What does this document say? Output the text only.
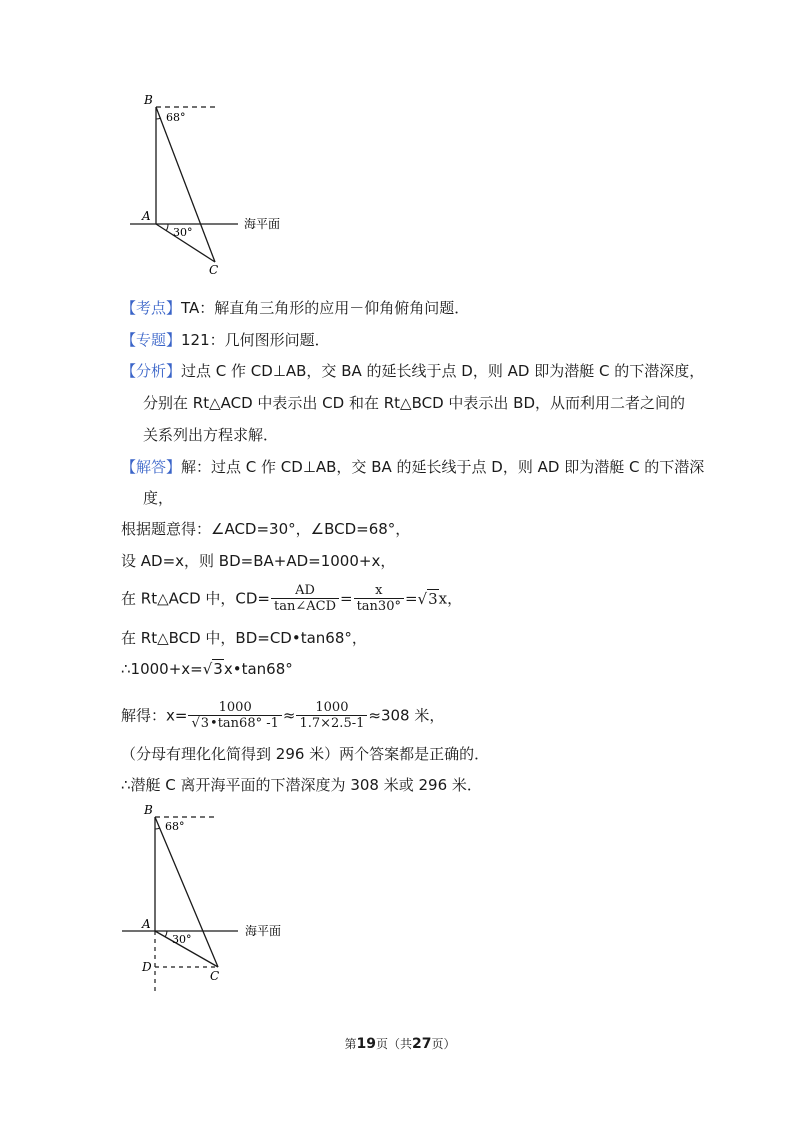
B
A
C
68°
30°
海平面
【考点】TA：解直角三角形的应用－仰角俯角问题．
【专题】121：几何图形问题．
【分析】过点 C 作 CD⊥AB，交 BA 的延长线于点 D，则 AD 即为潜艇 C 的下潜深度，
分别在 Rt△ACD 中表示出 CD 和在 Rt△BCD 中表示出 BD，从而利用二者之间的
关系列出方程求解．
【解答】解：过点 C 作 CD⊥AB，交 BA 的延长线于点 D，则 AD 即为潜艇 C 的下潜深
度，
根据题意得：∠ACD=30°，∠BCD=68°，
设 AD=x，则 BD=BA+AD=1000+x，
在 Rt△ACD 中，$CD= \frac{AD}{\text{tan∠ACD}} = \frac{x}{\tan 30^\circ} =√3x$，
在 Rt△BCD 中，BD=CD•tan68°，
∴1000+x=√3x•tan68°
解得：$x= \frac{1000}{√3•\tan 68^\circ -1} \approx \frac{1000}{1.7\times 2.5-1} \approx 308$ 米，
（分母有理化化简得到 296 米）两个答案都是正确的．
∴潜艇 C 离开海平面的下潜深度为 308 米或 296 米．
B
A
C
D
68°
30°
海平面
第19页（共27页）
